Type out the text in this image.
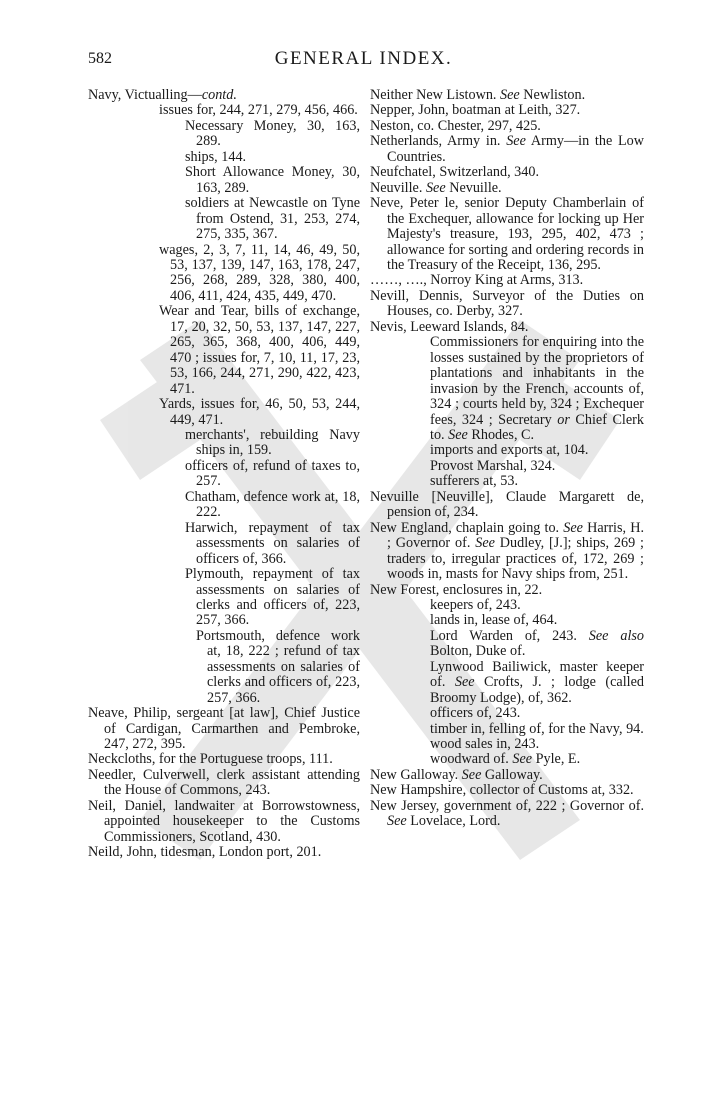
582	GENERAL INDEX.

Navy, Victualling—contd.

issues for, 244, 271, 279, 456, 466.

Necessary Money, 30, 163, 289.

ships, 144.

Short Allowance Money, 30, 163, 289.

soldiers at Newcastle on Tyne from Ostend, 31, 253, 274, 275, 335, 367.

wages, 2, 3, 7, 11, 14, 46, 49, 50, 53, 137, 139, 147, 163, 178, 247, 256, 268, 289, 328, 380, 400, 406, 411, 424, 435, 449, 470.

Wear and Tear, bills of exchange, 17, 20, 32, 50, 53, 137, 147, 227, 265, 365, 368, 400, 406, 449, 470 ; issues for, 7, 10, 11, 17, 23, 53, 166, 244, 271, 290, 422, 423, 471.

Yards, issues for, 46, 50, 53, 244, 449, 471.

merchants', rebuilding Navy ships in, 159.

officers of, refund of taxes to, 257.

Chatham, defence work at, 18, 222.

Harwich, repayment of tax assessments on salaries of officers of, 366.

Plymouth, repayment of tax assessments on salaries of clerks and officers of, 223, 257, 366.

Portsmouth, defence work at, 18, 222 ; refund of tax assessments on salaries of clerks and officers of, 223, 257, 366.

Neave, Philip, sergeant [at law], Chief Justice of Cardigan, Carmarthen and Pembroke, 247, 272, 395.

Neckcloths, for the Portuguese troops, 111.

Needler, Culverwell, clerk assistant attending the House of Commons, 243.

Neil, Daniel, landwaiter at Borrowstowness, appointed housekeeper to the Customs Commissioners, Scotland, 430.

Neild, John, tidesman, London port, 201.

Neither New Listown. See Newliston.

Nepper, John, boatman at Leith, 327.

Neston, co. Chester, 297, 425.

Netherlands, Army in. See Army—in the Low Countries.

Neufchatel, Switzerland, 340.

Neuville. See Nevuille.

Neve, Peter le, senior Deputy Chamberlain of the Exchequer, allowance for locking up Her Majesty's treasure, 193, 295, 402, 473 ; allowance for sorting and ordering records in the Treasury of the Receipt, 136, 295.

……, …., Norroy King at Arms, 313.

Nevill, Dennis, Surveyor of the Duties on Houses, co. Derby, 327.

Nevis, Leeward Islands, 84.

Commissioners for enquiring into the losses sustained by the proprietors of plantations and inhabitants in the invasion by the French, accounts of, 324 ; courts held by, 324 ; Exchequer fees, 324 ; Secretary or Chief Clerk to. See Rhodes, C.

imports and exports at, 104.

Provost Marshal, 324.

sufferers at, 53.

Nevuille [Neuville], Claude Margarett de, pension of, 234.

New England, chaplain going to. See Harris, H. ; Governor of. See Dudley, [J.]; ships, 269 ; traders to, irregular practices of, 172, 269 ; woods in, masts for Navy ships from, 251.

New Forest, enclosures in, 22.

keepers of, 243.

lands in, lease of, 464.

Lord Warden of, 243. See also Bolton, Duke of.

Lynwood Bailiwick, master keeper of. See Crofts, J. ; lodge (called Broomy Lodge), of, 362.

officers of, 243.

timber in, felling of, for the Navy, 94.

wood sales in, 243.

woodward of. See Pyle, E.

New Galloway. See Galloway.

New Hampshire, collector of Customs at, 332.

New Jersey, government of, 222 ; Governor of. See Lovelace, Lord.
